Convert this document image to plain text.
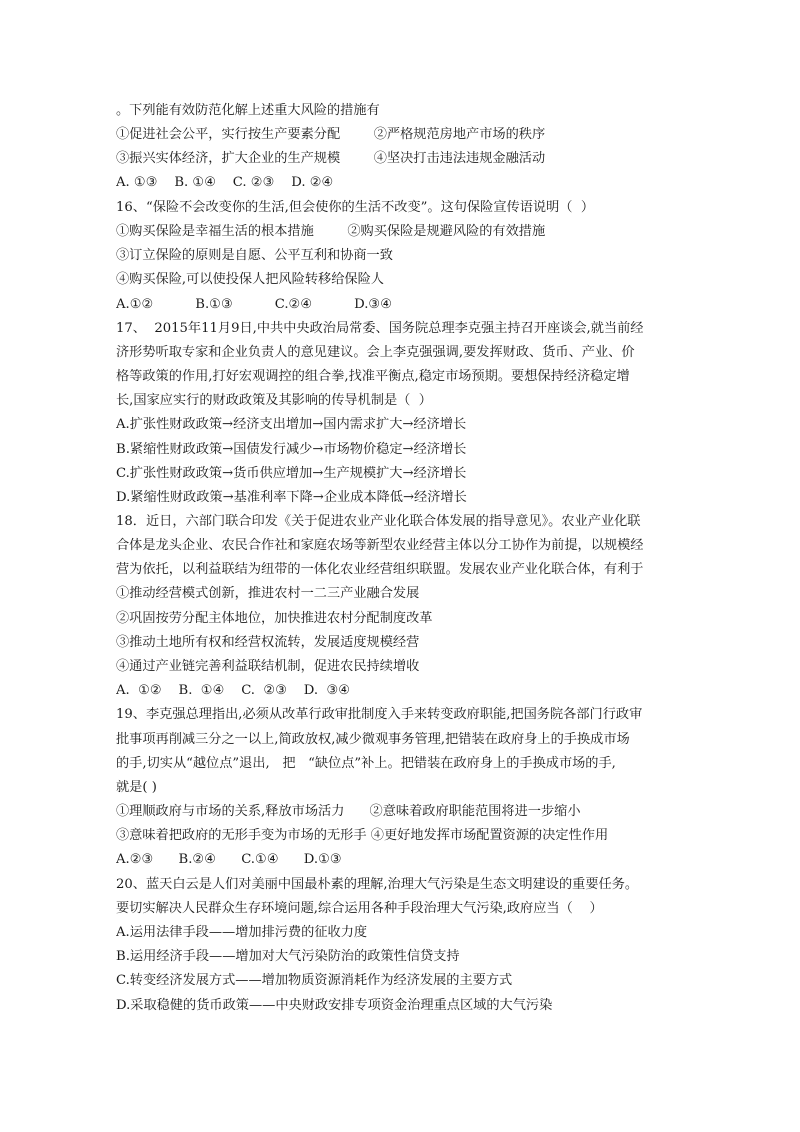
。下列能有效防范化解上述重大风险的措施有
①促进社会公平，实行按生产要素分配        ②严格规范房地产市场的秩序
③振兴实体经济，扩大企业的生产规模        ④坚决打击违法违规金融活动
A. ①③    B. ①④    C. ②③    D. ②④
16、“保险不会改变你的生活,但会使你的生活不改变”。这句保险宣传语说明（  ）
①购买保险是幸福生活的根本措施        ②购买保险是规避风险的有效措施
③订立保险的原则是自愿、公平互利和协商一致
④购买保险,可以使投保人把风险转移给保险人
A.①②          B.①③          C.②④          D.③④
17、  2015年11月9日,中共中央政治局常委、国务院总理李克强主持召开座谈会,就当前经
济形势听取专家和企业负责人的意见建议。会上李克强强调,要发挥财政、货币、产业、价
格等政策的作用,打好宏观调控的组合拳,找准平衡点,稳定市场预期。要想保持经济稳定增
长,国家应实行的财政政策及其影响的传导机制是（  ）
A.扩张性财政政策→经济支出增加→国内需求扩大→经济增长
B.紧缩性财政政策→国债发行减少→市场物价稳定→经济增长
C.扩张性财政政策→货币供应增加→生产规模扩大→经济增长
D.紧缩性财政政策→基准利率下降→企业成本降低→经济增长
18．近日，六部门联合印发《关于促进农业产业化联合体发展的指导意见》。农业产业化联
合体是龙头企业、农民合作社和家庭农场等新型农业经营主体以分工协作为前提，以规模经
营为依托，以利益联结为纽带的一体化农业经营组织联盟。发展农业产业化联合体，有利于
①推动经营模式创新，推进农村一二三产业融合发展
②巩固按劳分配主体地位，加快推进农村分配制度改革
③推动土地所有权和经营权流转，发展适度规模经营
④通过产业链完善利益联结机制，促进农民持续增收
A.  ①②    B.  ①④    C.  ②③    D.  ③④
19、李克强总理指出,必须从改革行政审批制度入手来转变政府职能,把国务院各部门行政审
批事项再削减三分之一以上,简政放权,减少微观事务管理,把错装在政府身上的手换成市场
的手,切实从“越位点”退出,   把   “缺位点”补上。把错装在政府身上的手换成市场的手,
就是( )
①理顺政府与市场的关系,释放市场活力      ②意味着政府职能范围将进一步缩小
③意味着把政府的无形手变为市场的无形手 ④更好地发挥市场配置资源的决定性作用
A.②③      B.②④      C.①④      D.①③
20、蓝天白云是人们对美丽中国最朴素的理解,治理大气污染是生态文明建设的重要任务。
要切实解决人民群众生存环境问题,综合运用各种手段治理大气污染,政府应当（    ）
A.运用法律手段——增加排污费的征收力度
B.运用经济手段——增加对大气污染防治的政策性信贷支持
C.转变经济发展方式——增加物质资源消耗作为经济发展的主要方式
D.采取稳健的货币政策——中央财政安排专项资金治理重点区域的大气污染
